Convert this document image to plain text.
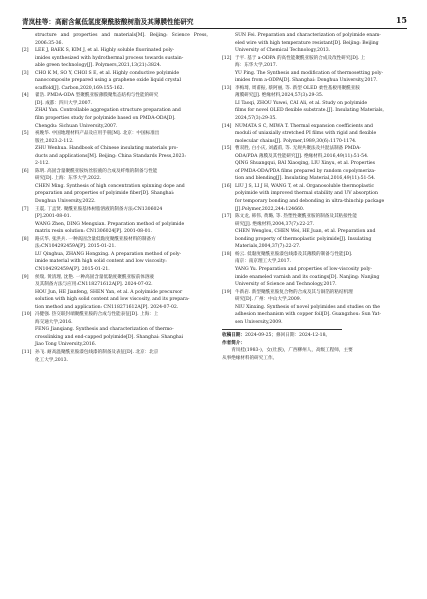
青岚桂等：高耐含氟低氢度聚酰胺酸树脂及其薄膜性能研究	15

structure and properties and materials[M]. Beijing: Science Press, 2006:35-36.

[2]	LEE J, BAEK S, KIM J, et al. Highly soluble fluorinated poly-
imides synthesized with hydrothermal process towards sustain-
able green technology[J]. Polymers,2021,13(21):3824.
[3]	CHO K M, SO Y, CHOI S E, et al. Highly conductive polyimide
nanocomposite prepared using a graphene oxide liquid crystal
scaffold[J]. Carbon,2020,169:155-162.
[4]	翟浩. PMDA-ODA 型聚酰亚胺薄膜聚集态结构与性能的研究
[D]. 成都：四川大学,2007.
ZHAI Yan. Controllable aggregation structure preparation and
film properties study for polyimide based on PMDA-ODA[D].
Chengdu: Sichuan University,2007.
[5]	祝晚华. 中国地理材料产品及应用手册[M]. 北京：中国标准出
版社,2023:2-112.
ZHU Wenhua. Handbook of Chinese insulating materials pro-
ducts and applications[M]. Beijing: China Standards Press,2023:
2-112.
[6]	陈明. 高固含量聚酰亚胺纺丝胶液的合成及纤维的制备与性能
研究[D]. 上海：东华大学,2022.
CHEN Ming. Synthesis of high concentration spinning dope and
preparation and properties of polyimide fiber[D]. Shanghai:
Donghua University,2022.
[7]	王震, 丁孟贤. 聚酰亚胺基体树脂溶液的制备方法:CN1306024
[P].2001-08-01.
WANG Zhen, DING Mengxian. Preparation method of polyimide
matrix resin solution: CN1306024[P]. 2001-08-01.
[8]	路庆华, 张洪兵. 一种高固含量低黏度聚酰亚胺材料的制备方
法:CN104292459A[P]. 2015-01-21.
LU Qinghua, ZHANG Hongxing. A preparation method of poly-
imide material with high solid content and low viscosity:
CN104292459A[P]. 2015-01-21.
[9]	侯瑞, 黄清理, 沈艳. 一种高固含量低黏度聚酰亚胺前体溶液
及其制备方法与应用:CN118271612A[P]. 2024-07-02.
HOU Jun, HE Jianfeng, SHEN Yan, et al. A polyimide precursor
solution with high solid content and low viscosity, and its prepara-
tion method and application: CN118271612A[P]. 2024-07-02.
[10] 冯健强. 热交联封端聚酰亚胺的合成与性能表征[D]. 上海：上
海交通大学,2016.
FENG Jianqiang. Synthesis and characterization of thermo-
crosslinking and end-capped polyimide[D]. Shanghai: Shanghai
Jiao Tong University,2016.
[11] 孙飞. 耐高温聚酰亚胺漆包线漆的制备及表征[D]. 北京：北京
化工大学,2013.
SUN Fei. Preparation and characterization of polyimide enam-
eled wire with high temperature resistant[D]. Beijing: Beijing
University of Chemical Technology,2013.
[12] 于平. 基于 a-ODPA 的高性能聚酰亚胺的合成及改性研究[D]. 上
海：东华大学,2017.
YU Ping. The Synthesis and modification of thermosetting poly-
imides from a-ODPA[D]. Shanghai: Donghua University,2017.
[13] 李梅琦, 周甫振, 蔡阿丽, 等. 新型 OLED 柔性基板用聚酰亚胺
薄膜研究[J]. 绝缘材料,2024,57(3):29-35.
LI Taoqi, ZHOU Yuwei, CAI Ali, et al. Study on polyimide
films for novel OLED flexible substrate.[J]. Insulating Materials,
2024,57(3):29-35.
[14] NUMATA S C, MIWA T. Thermal expansion coefficients and
moduli of uniaxially stretched PI films with rigid and flexible
molecular chains[J]. Polymer,1989,30(6):1170-1174.
[15] 曹双胜, 白小庆, 刘鑫甫, 等. 无规共聚法及共混法制备 PMDA-
ODA/PDA 薄膜及其性能研究[J]. 绝缘材料,2016,49(11):51-54.
QING Shuangqui, BAI Xiaoqing, LIU Xinyu, et al. Properties
of PMDA-ODA/PDA films prepared by random copolymeriza-
tion and blending[J]. Insulating Material,2016,49(11):51-54.
[16] LIU J S, LI J H, WANG T, et al. Organosoluble thermoplastic
polyimide with improved thermal stability and UV absorption
for temporary bonding and debonding in ultra-thinchip package
[J].Polymer,2022,244:124660.
[17] 陈文龙, 韩伟, 黄璐, 等. 热塑性聚酰亚胺的制备及其粘接性能
研究[J]. 绝缘材料,2004,37(7):22-27.
CHEN Wenglou, CHEN Wei, HE Juan, et al. Preparation and
bonding property of thermoplastic polyimide[J]. Insulating
Materials,2004,37(7):22-27.
[18] 杨云. 低黏度聚酰亚胺漆包线漆及其薄膜的制备与性能[D].
南京：南京理工大学,2017.
YANG Yu. Preparation and properties of low-viscosity poly-
imide enameled varnish and its coatings[D]. Nanjing: Nanjing
University of Science and Technology,2017.
[19] 牛新岩. 新型聚酰亚胺复合物的合成及其与铜箔的粘结机理
研究[D]. 广州：中山大学,2009.
NIU Xinxing. Synthesis of novel polyimides and studies on the
adhesion mechanism with copper foil[D]. Guangzhou: Sun Yat-
sen University,2009.

收稿日期：2024-09-25；修回日期：2024-12-18。

作者简介：

　　青岚桂(1983-)，女(壮族)，广西柳州人，高级工程师，主要
从事绝缘材料的研究工作。
